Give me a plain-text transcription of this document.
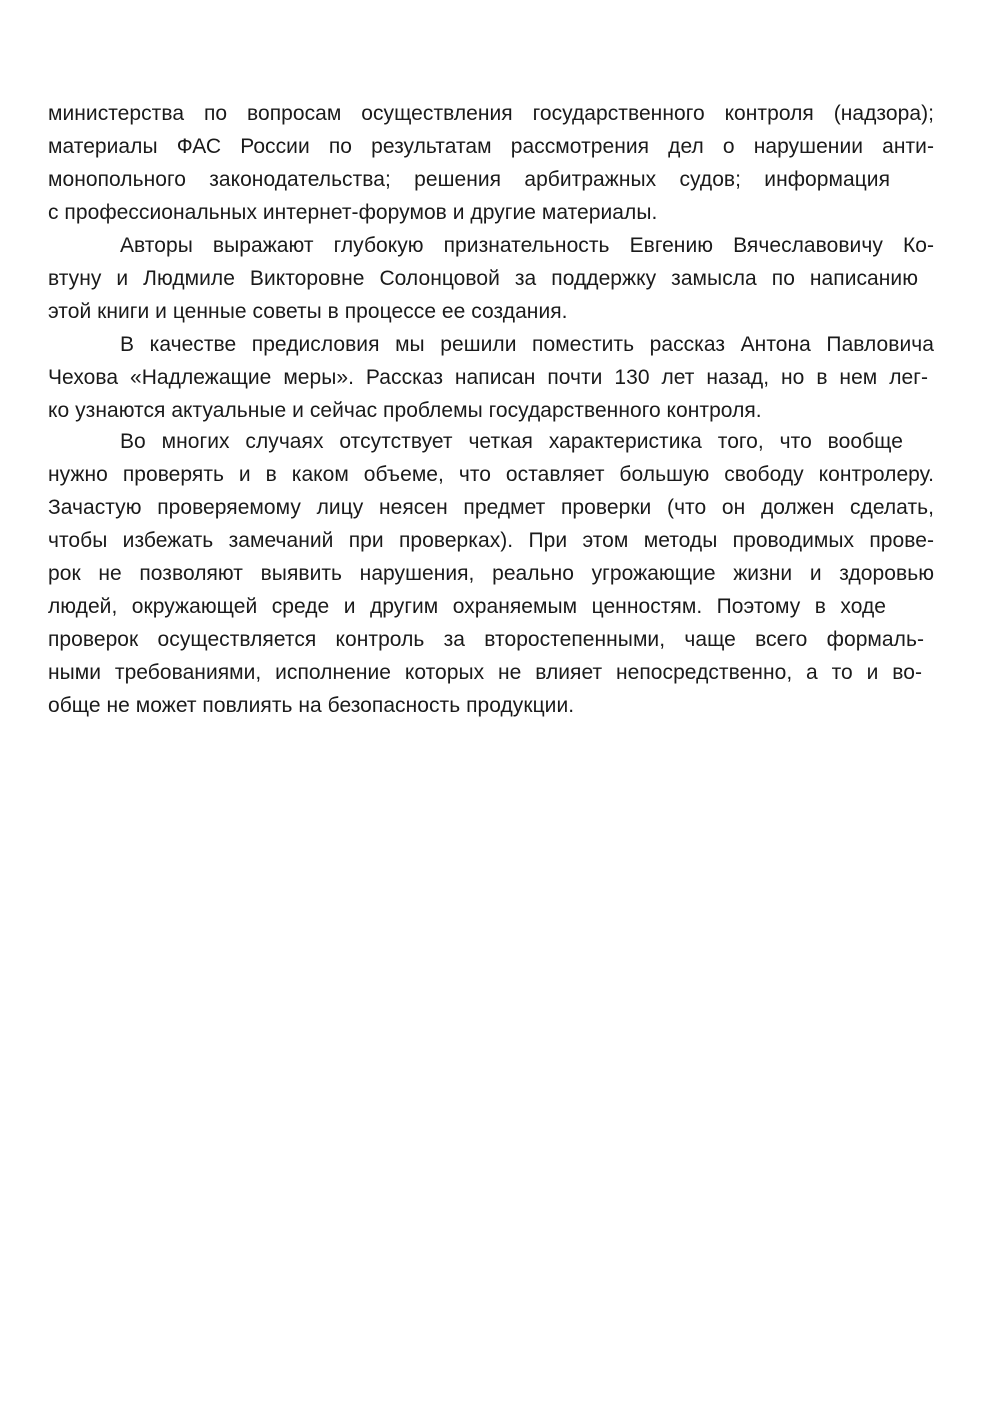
министерства по вопросам осуществления государственного контроля (надзора);
материалы ФАС России по результатам рассмотрения дел о нарушении анти-
монопольного законодательства; решения арбитражных судов; информация
с профессиональных интернет-форумов и другие материалы.
Авторы выражают глубокую признательность Евгению Вячеславовичу Ко-
втуну и Людмиле Викторовне Солонцовой за поддержку замысла по написанию
этой книги и ценные советы в процессе ее создания.
В качестве предисловия мы решили поместить рассказ Антона Павловича
Чехова «Надлежащие меры». Рассказ написан почти 130 лет назад, но в нем лег-
ко узнаются актуальные и сейчас проблемы государственного контроля.
Во многих случаях отсутствует четкая характеристика того, что вообще
нужно проверять и в каком объеме, что оставляет большую свободу контролеру.
Зачастую проверяемому лицу неясен предмет проверки (что он должен сделать,
чтобы избежать замечаний при проверках). При этом методы проводимых прове-
рок не позволяют выявить нарушения, реально угрожающие жизни и здоровью
людей, окружающей среде и другим охраняемым ценностям. Поэтому в ходе
проверок осуществляется контроль за второстепенными, чаще всего формаль-
ными требованиями, исполнение которых не влияет непосредственно, а то и во-
обще не может повлиять на безопасность продукции.
